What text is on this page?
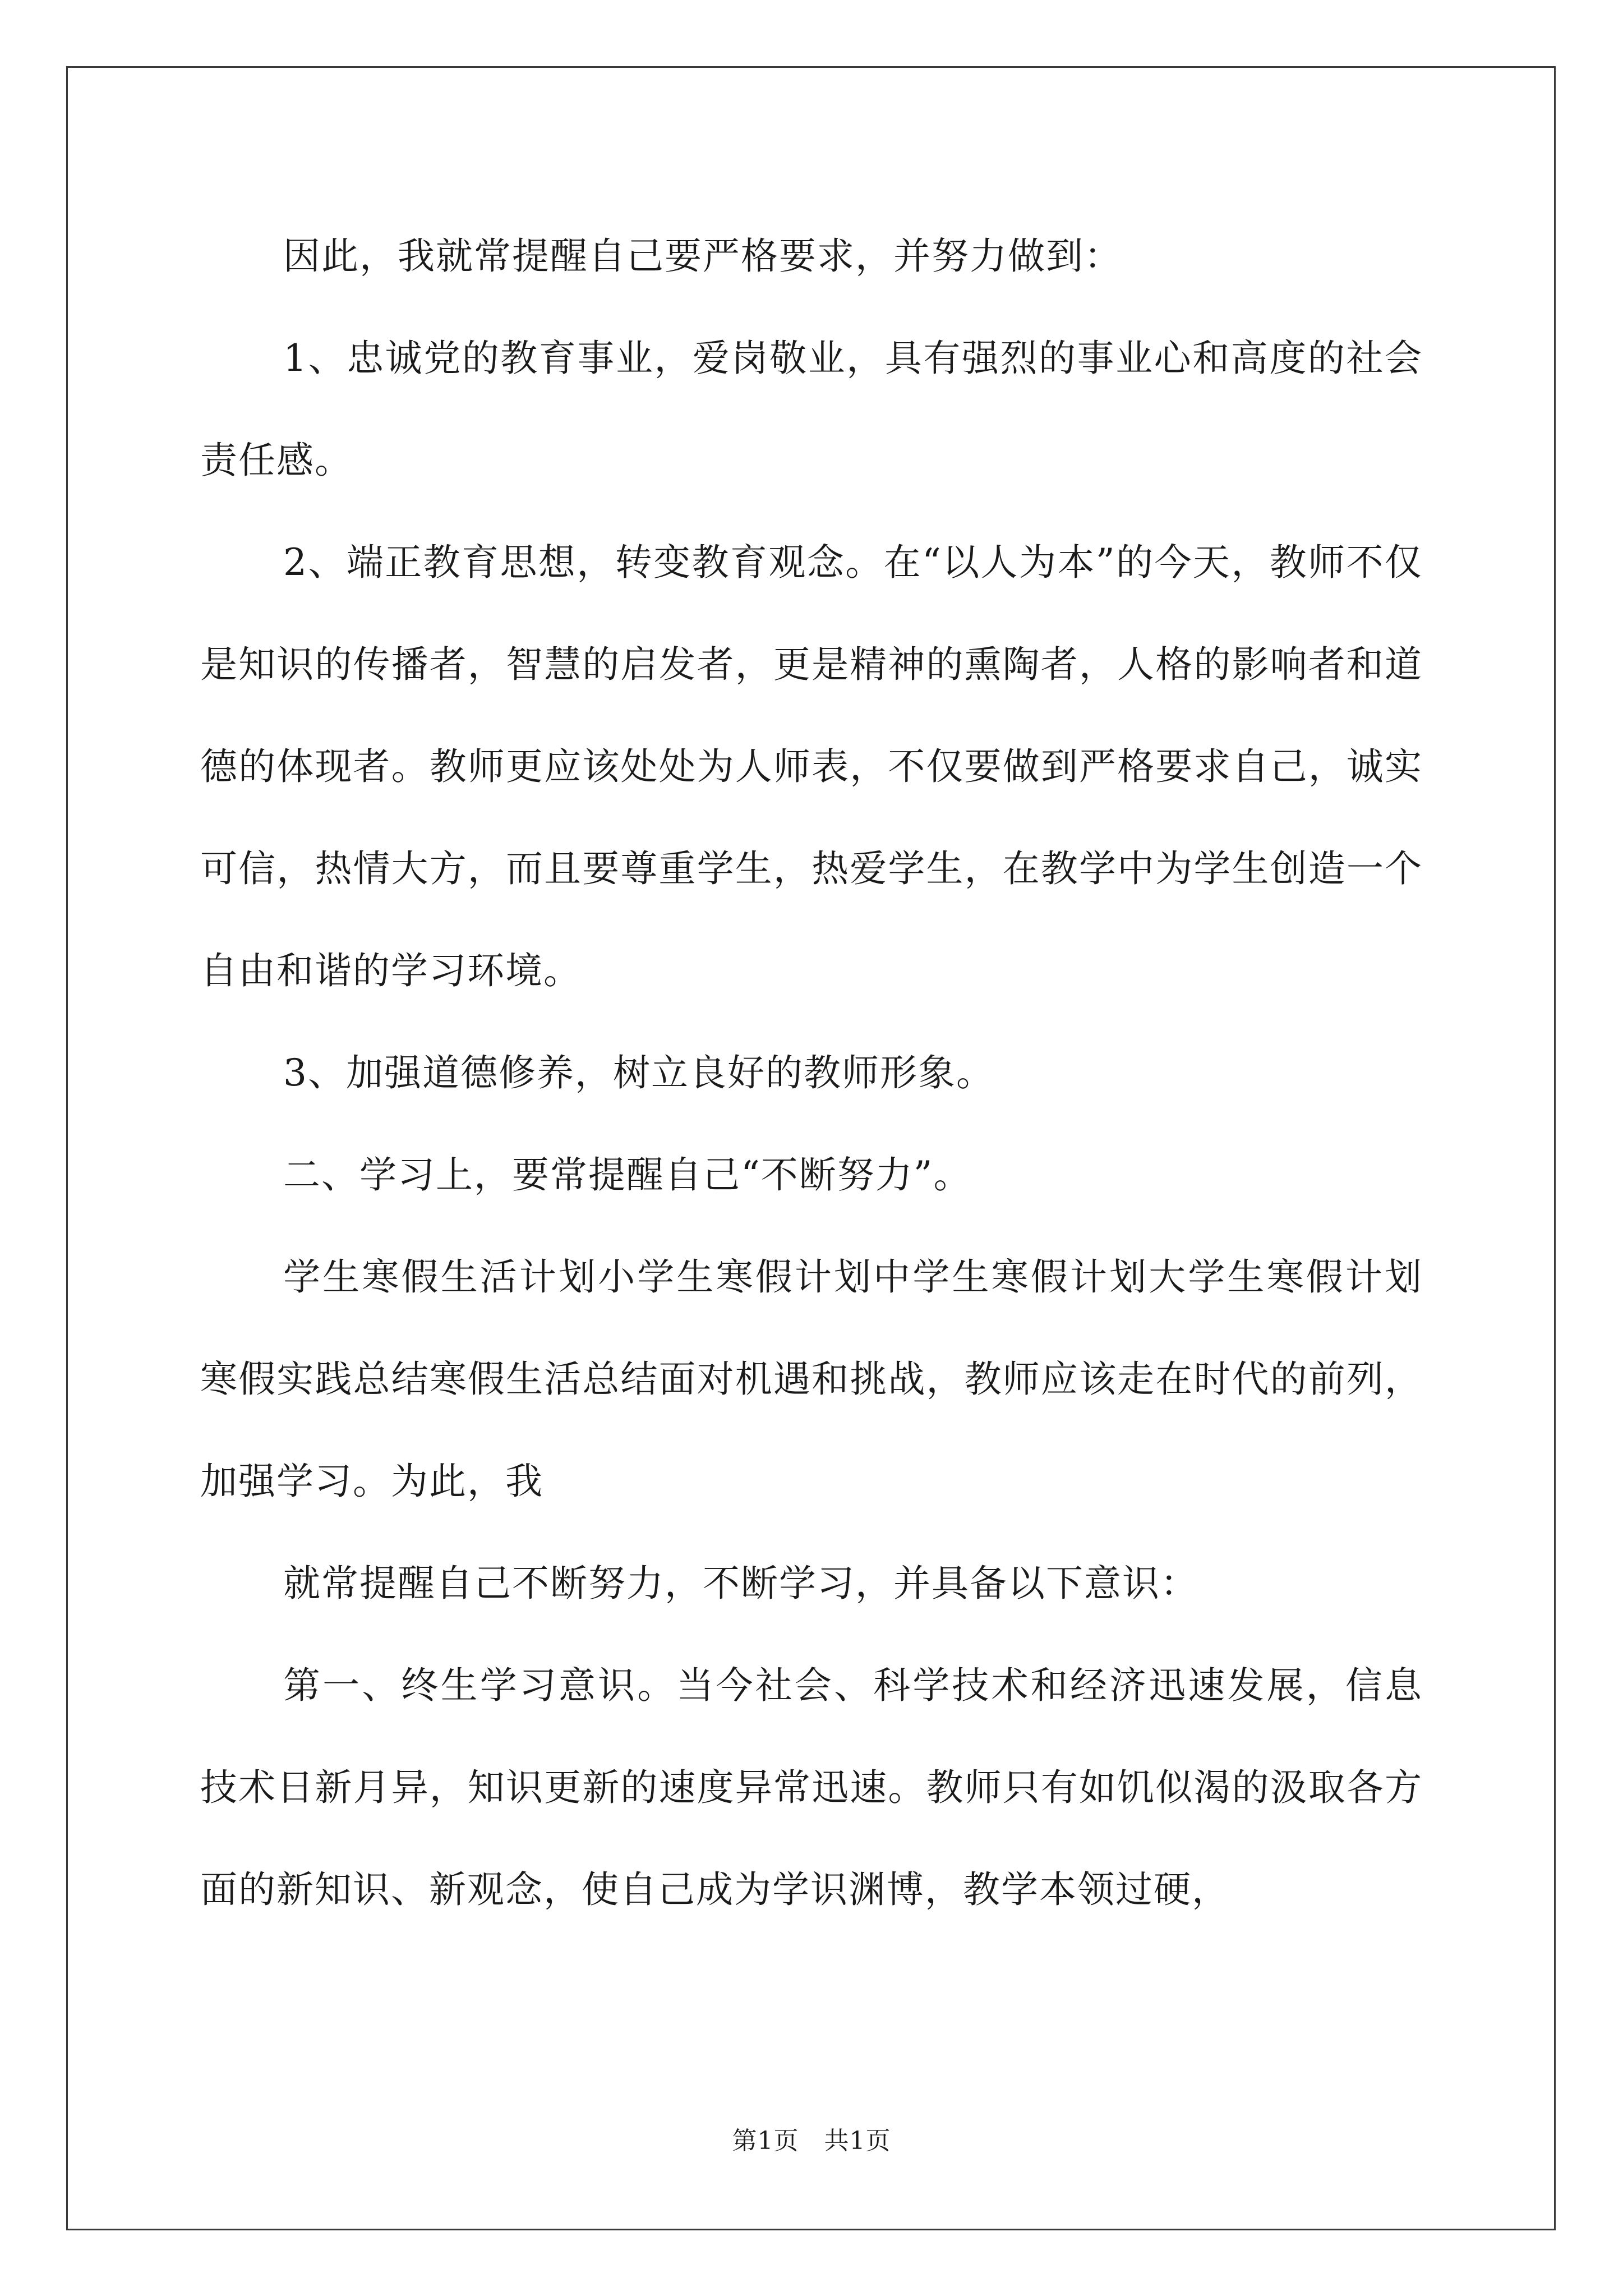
因此，我就常提醒自己要严格要求，并努力做到：

1、忠诚党的教育事业，爱岗敬业，具有强烈的事业心和高度的社会责任感。

2、端正教育思想，转变教育观念。在“以人为本”的今天，教师不仅是知识的传播者，智慧的启发者，更是精神的熏陶者，人格的影响者和道德的体现者。教师更应该处处为人师表，不仅要做到严格要求自己，诚实可信，热情大方，而且要尊重学生，热爱学生，在教学中为学生创造一个自由和谐的学习环境。

3、加强道德修养，树立良好的教师形象。

二、学习上，要常提醒自己“不断努力”。

学生寒假生活计划小学生寒假计划中学生寒假计划大学生寒假计划寒假实践总结寒假生活总结面对机遇和挑战，教师应该走在时代的前列，加强学习。为此，我

就常提醒自己不断努力，不断学习，并具备以下意识：

第一、终生学习意识。当今社会、科学技术和经济迅速发展，信息技术日新月异，知识更新的速度异常迅速。教师只有如饥似渴的汲取各方面的新知识、新观念，使自己成为学识渊博，教学本领过硬，

第1页 共1页
